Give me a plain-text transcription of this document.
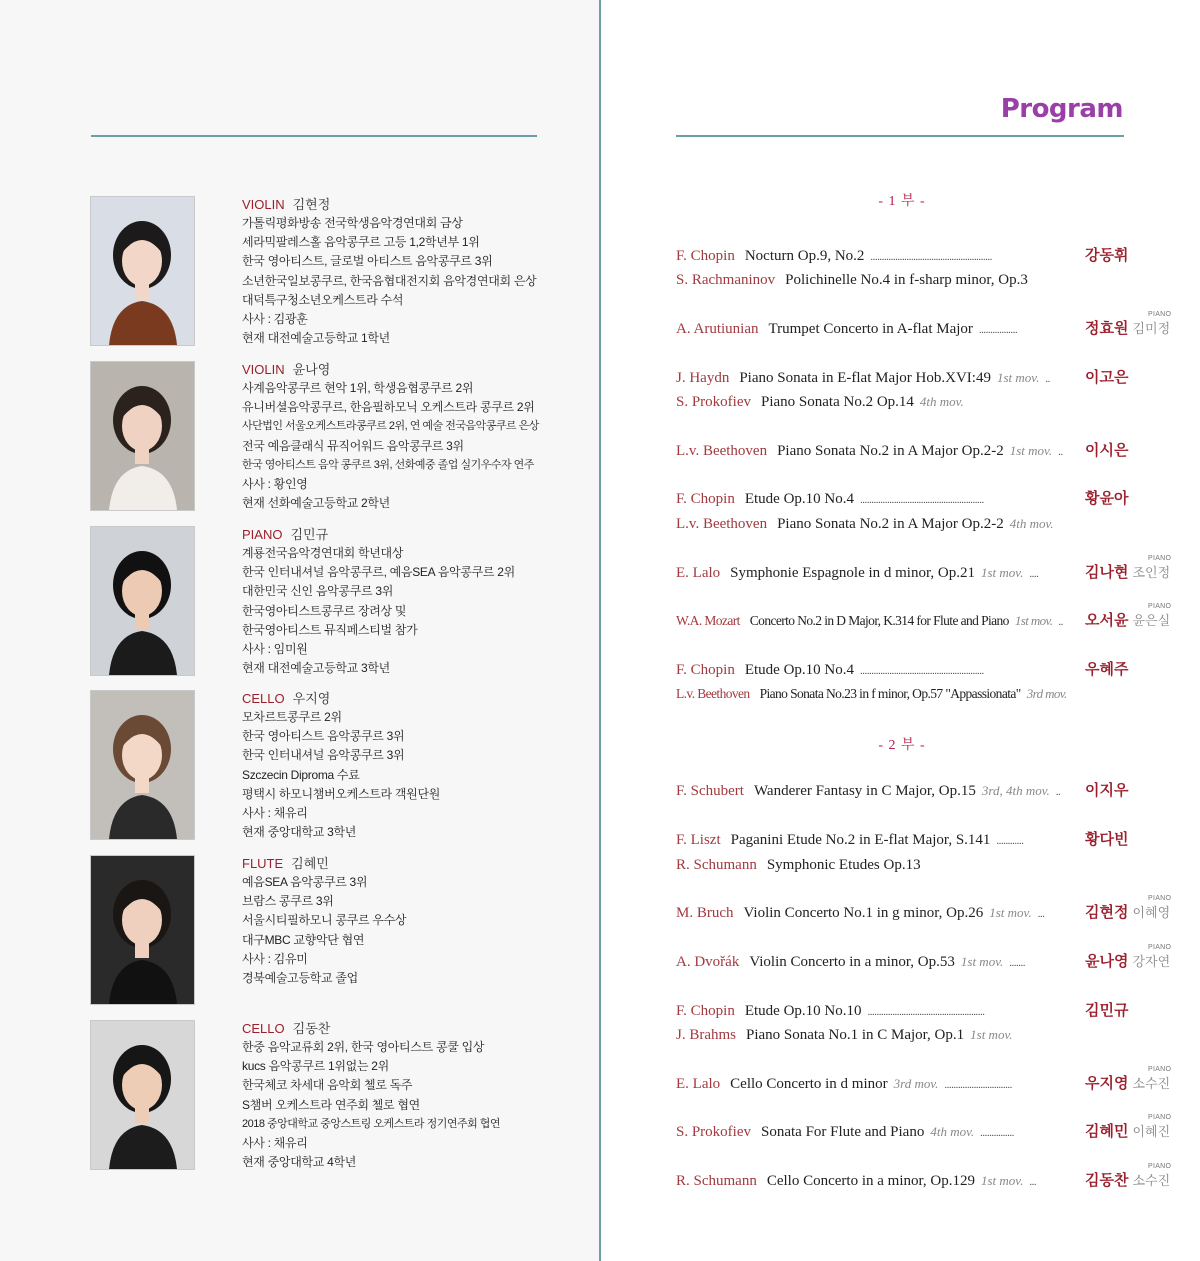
Program
VIOLIN 김현정
가톨릭평화방송 전국학생음악경연대회 금상
세라믹팔레스홀 음악콩쿠르 고등 1,2학년부 1위
한국 영아티스트, 글로벌 아티스트 음악콩쿠르 3위
소년한국일보콩쿠르, 한국음협대전지회 음악경연대회 은상
대덕특구청소년오케스트라 수석
사사 : 김광훈
현재 대전예술고등학교 1학년
VIOLIN 윤나영
사계음악콩쿠르 현악 1위, 학생음협콩쿠르 2위
유니버셜음악콩쿠르, 한음필하모닉 오케스트라 콩쿠르 2위
사단법인 서울오케스트라콩쿠르 2위, 연 예술 전국음악콩쿠르 은상
전국 예음클래식 뮤직어워드 음악콩쿠르 3위
한국 영아티스트 음악 콩쿠르 3위, 선화예중 졸업 실기우수자 연주
사사 : 황인영
현재 선화예술고등학교 2학년
PIANO 김민규
계룡전국음악경연대회 학년대상
한국 인터내셔널 음악콩쿠르, 예음SEA 음악콩쿠르 2위
대한민국 신인 음악콩쿠르 3위
한국영아티스트콩쿠르 장려상 및
한국영아티스트 뮤직페스티벌 참가
사사 : 임미원
현재 대전예술고등학교 3학년
CELLO 우지영
모차르트콩쿠르 2위
한국 영아티스트 음악콩쿠르 3위
한국 인터내셔널 음악콩쿠르 3위
Szczecin Dipr​oma 수료
평택시 하모니챔버오케스트라 객원단원
사사 : 채유리
현재 중앙대학교 3학년
FLUTE 김혜민
예음SEA 음악콩쿠르 3위
브람스 콩쿠르 3위
서울시티필하모니 콩쿠르 우수상
대구MBC 교향악단 협연
사사 : 김유미
경북예술고등학교 졸업
CELLO 김동찬
한중 음악교류회 2위, 한국 영아티스트 콩쿨 입상
kucs 음악콩쿠르 1위없는 2위
한국체코 차세대 음악회 첼로 독주
S챔버 오케스트라 연주회 첼로 협연
2018 중앙대학교 중앙스트링 오케스트라 정기연주회 협연
사사 : 채유리
현재 중앙대학교 4학년
- 1 부 -
- 2 부 -
F. Chopin Nocturn Op.9, No.2 ......................................................	강동휘
S. Rachmaninov Polichinelle No.4 in f-sharp minor, Op.3
A. Arutiunian Trumpet Concerto in A-flat Major .................	정효원 김미정
PIANO
J. Haydn Piano Sonata in E-flat Major Hob.XVI:49 1st mov. ..	이고은
S. Prokofiev Piano Sonata No.2 Op.14 4th mov.
L.v. Beethoven Piano Sonata No.2 in A Major Op.2-2 1st mov. ..	이시은
F. Chopin Etude Op.10 No.4 .......................................................	황윤아
L.v. Beethoven Piano Sonata No.2 in A Major Op.2-2 4th mov.
E. Lalo Symphonie Espagnole in d minor, Op.21 1st mov. ....	김나현 조인정
PIANO
W.A. Mozart Concerto No.2 in D Major, K.314 for Flute and Piano 1st mov. ..	오서윤 윤은실
PIANO
F. Chopin Etude Op.10 No.4 .......................................................	우혜주
L.v. Beethoven Piano Sonata No.23 in f minor, Op.57 "Appassionata" 3rd mov.
F. Schubert Wanderer Fantasy in C Major, Op.15 3rd, 4th mov. ..	이지우
F. Liszt Paganini Etude No.2 in E-flat Major, S.141 ............	황다빈
R. Schumann Symphonic Etudes Op.13
M. Bruch Violin Concerto No.1 in g minor, Op.26 1st mov. ...	김현정 이혜영
PIANO
A. Dvořák Violin Concerto in a minor, Op.53 1st mov. .......	윤나영 강자연
PIANO
F. Chopin Etude Op.10 No.10 ....................................................	김민규
J. Brahms Piano Sonata No.1 in C Major, Op.1 1st mov.
E. Lalo Cello Concerto in d minor 3rd mov. ..............................	우지영 소수진
PIANO
S. Prokofiev Sonata For Flute and Piano 4th mov. ...............	김혜민 이혜진
PIANO
R. Schumann Cello Concerto in a minor, Op.129 1st mov. ...	김동찬 소수진
PIANO
